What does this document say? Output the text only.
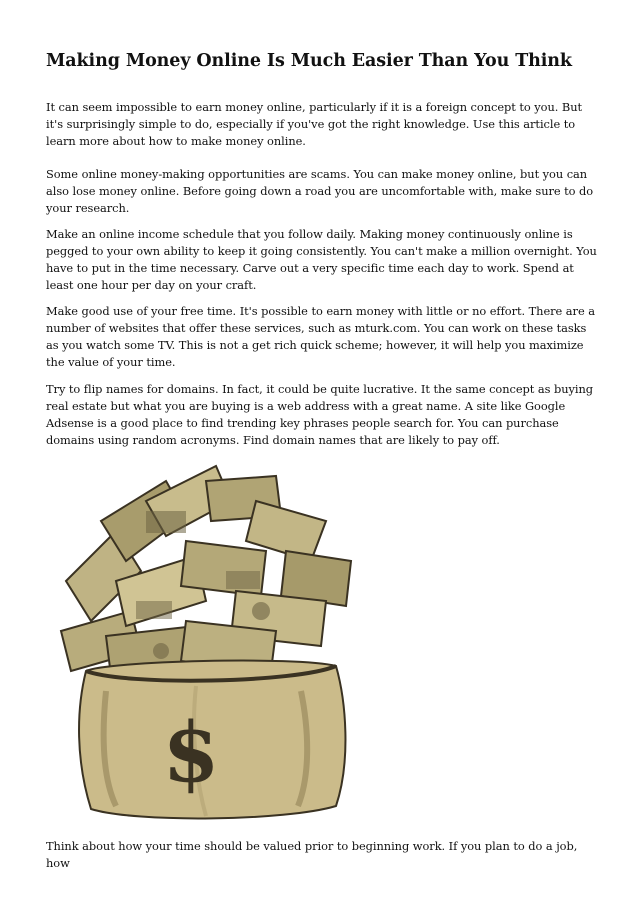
Making Money Online Is Much Easier Than You Think

It can seem impossible to earn money online, particularly if it is a foreign concept to you. But it's surprisingly simple to do, especially if you've got the right knowledge. Use this article to learn more about how to make money online.

Some online money-making opportunities are scams. You can make money online, but you can also lose money online. Before going down a road you are uncomfortable with, make sure to do your research.

Make an online income schedule that you follow daily. Making money continuously online is pegged to your own ability to keep it going consistently. You can't make a million overnight. You have to put in the time necessary. Carve out a very specific time each day to work. Spend at least one hour per day on your craft.

Make good use of your free time. It's possible to earn money with little or no effort. There are a number of websites that offer these services, such as mturk.com. You can work on these tasks as you watch some TV. This is not a get rich quick scheme; however, it will help you maximize the value of your time.

Try to flip names for domains. In fact, it could be quite lucrative. It the same concept as buying real estate but what you are buying is a web address with a great name. A site like Google Adsense is a good place to find trending key phrases people search for. You can purchase domains using random acronyms. Find domain names that are likely to pay off.

Think about how your time should be valued prior to beginning work. If you plan to do a job, how

$
